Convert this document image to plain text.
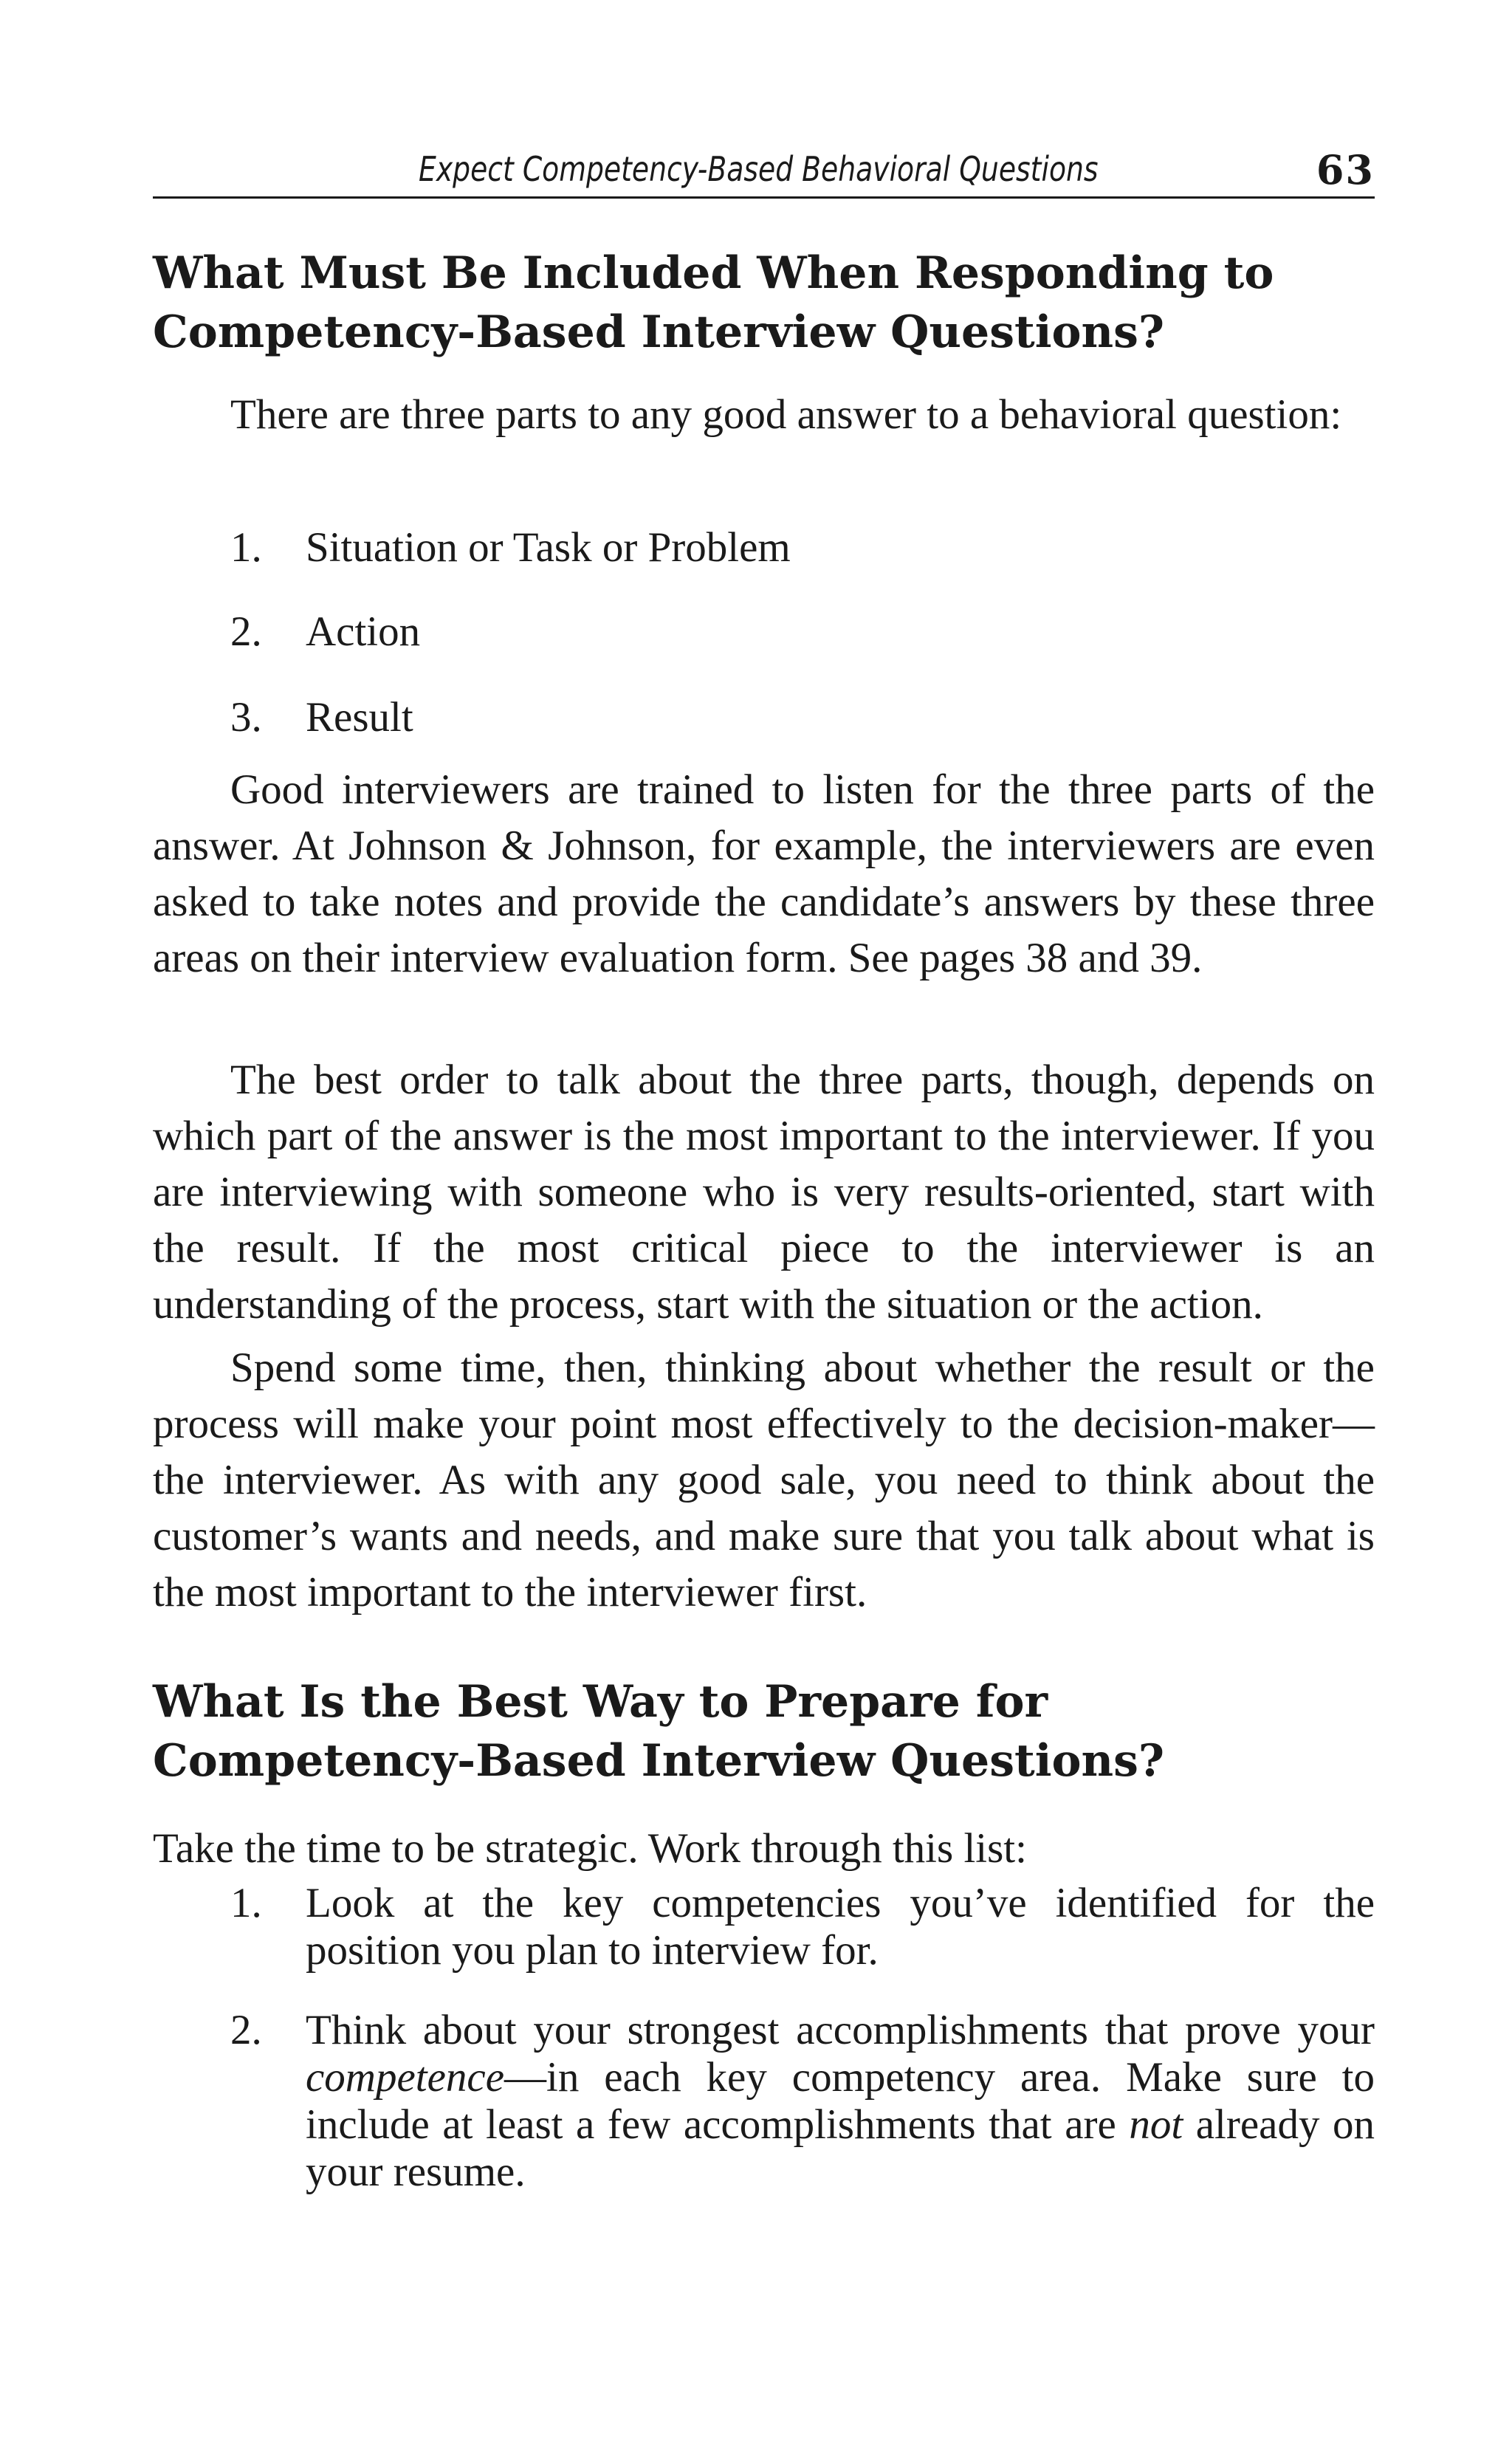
Expect Competency-Based Behavioral Questions	63
What Must Be Included When Responding to
Competency-Based Interview Questions?

There are three parts to any good answer to a behavioral question:

1.	Situation or Task or Problem
2.	Action
3.	Result

Good interviewers are trained to listen for the three parts of the answer. At Johnson & Johnson, for example, the interviewers are even asked to take notes and provide the candidate’s answers by these three areas on their interview evaluation form. See pages 38 and 39.

The best order to talk about the three parts, though, depends on which part of the answer is the most important to the interviewer. If you are interviewing with someone who is very results-oriented, start with the result. If the most critical piece to the interviewer is an understanding of the process, start with the situation or the action.

Spend some time, then, thinking about whether the result or the process will make your point most effectively to the decision-maker—the interviewer. As with any good sale, you need to think about the customer’s wants and needs, and make sure that you talk about what is the most important to the interviewer first.

What Is the Best Way to Prepare for
Competency-Based Interview Questions?

Take the time to be strategic. Work through this list:

1.	Look at the key competencies you’ve identified for the position you plan to interview for.
2.	Think about your strongest accomplishments that prove your competence—in each key competency area. Make sure to include at least a few accomplishments that are not already on your resume.
